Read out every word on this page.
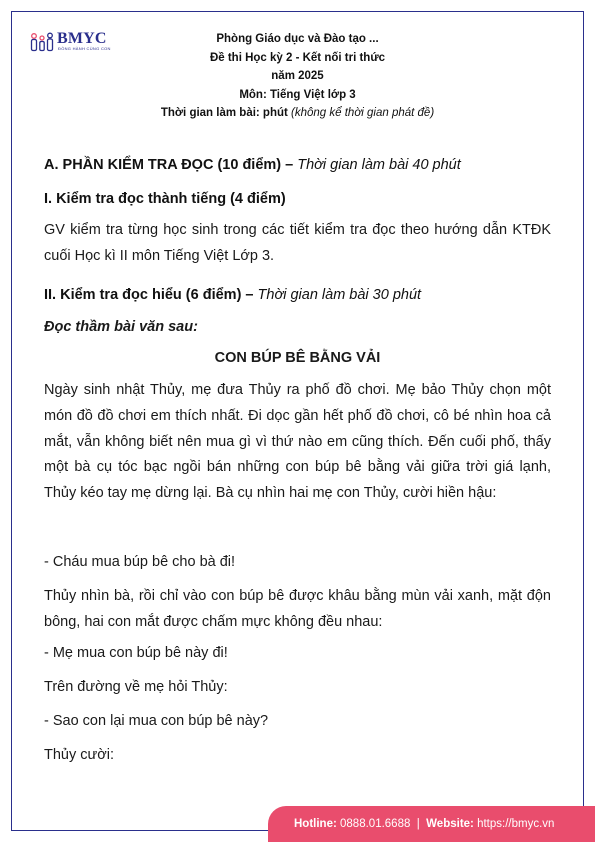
BMYC
ĐỒNG HÀNH CÙNG CON
Phòng Giáo dục và Đào tạo ...
Đề thi Học kỳ 2 - Kết nối tri thức
năm 2025
Môn: Tiếng Việt lớp 3
Thời gian làm bài: phút (không kể thời gian phát đề)
A. PHẦN KIỂM TRA ĐỌC (10 điểm) – Thời gian làm bài 40 phút
I. Kiểm tra đọc thành tiếng (4 điểm)
GV kiểm tra từng học sinh trong các tiết kiểm tra đọc theo hướng dẫn KTĐK cuối Học kì II môn Tiếng Việt Lớp 3.
II. Kiểm tra đọc hiểu (6 điểm) – Thời gian làm bài 30 phút
Đọc thầm bài văn sau:
CON BÚP BÊ BẰNG VẢI
Ngày sinh nhật Thủy, mẹ đưa Thủy ra phố đồ chơi. Mẹ bảo Thủy chọn một món đồ đồ chơi em thích nhất. Đi dọc gần hết phố đồ chơi, cô bé nhìn hoa cả mắt, vẫn không biết nên mua gì vì thứ nào em cũng thích. Đến cuối phố, thấy một bà cụ tóc bạc ngồi bán những con búp bê bằng vải giữa trời giá lạnh, Thủy kéo tay mẹ dừng lại. Bà cụ nhìn hai mẹ con Thủy, cười hiền hậu:
- Cháu mua búp bê cho bà đi!
Thủy nhìn bà, rồi chỉ vào con búp bê được khâu bằng mùn vải xanh, mặt độn bông, hai con mắt được chấm mực không đều nhau:
- Mẹ mua con búp bê này đi!
Trên đường về mẹ hỏi Thủy:
- Sao con lại mua con búp bê này?
Thủy cười:
Hotline: 0888.01.6688 | Website: https://bmyc.vn
